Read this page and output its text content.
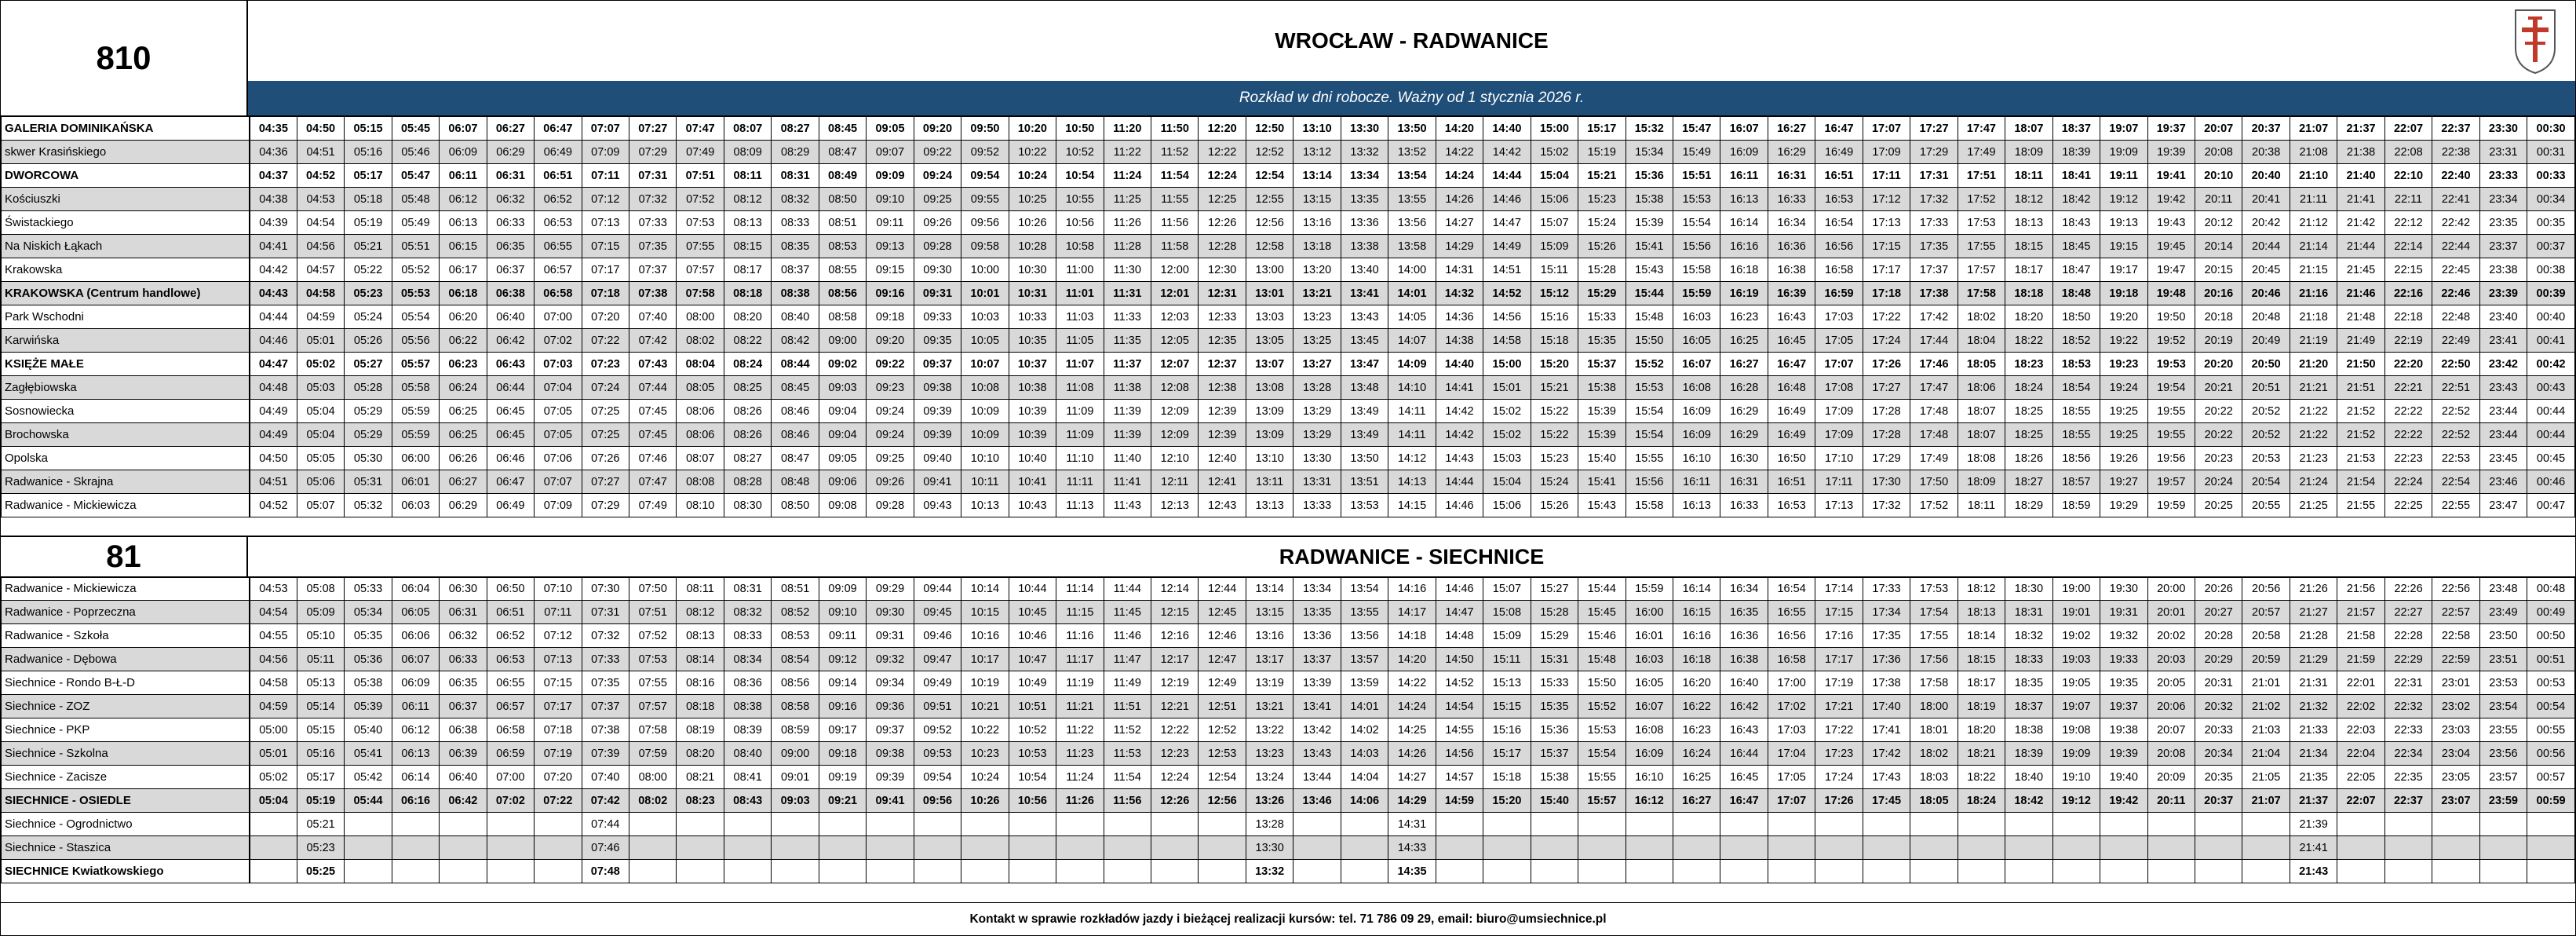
810	WROCŁAW - RADWANICE
Rozkład w dni robocze. Ważny od 1 stycznia 2026 r.
GALERIA DOMINIKAŃSKA	04:35	04:50	05:15	05:45	06:07	06:27	06:47	07:07	07:27	07:47	08:07	08:27	08:45	09:05	09:20	09:50	10:20	10:50	11:20	11:50	12:20	12:50	13:10	13:30	13:50	14:20	14:40	15:00	15:17	15:32	15:47	16:07	16:27	16:47	17:07	17:27	17:47	18:07	18:37	19:07	19:37	20:07	20:37	21:07	21:37	22:07	22:37	23:30	00:30
skwer Krasińskiego	04:36	04:51	05:16	05:46	06:09	06:29	06:49	07:09	07:29	07:49	08:09	08:29	08:47	09:07	09:22	09:52	10:22	10:52	11:22	11:52	12:22	12:52	13:12	13:32	13:52	14:22	14:42	15:02	15:19	15:34	15:49	16:09	16:29	16:49	17:09	17:29	17:49	18:09	18:39	19:09	19:39	20:08	20:38	21:08	21:38	22:08	22:38	23:31	00:31
DWORCOWA	04:37	04:52	05:17	05:47	06:11	06:31	06:51	07:11	07:31	07:51	08:11	08:31	08:49	09:09	09:24	09:54	10:24	10:54	11:24	11:54	12:24	12:54	13:14	13:34	13:54	14:24	14:44	15:04	15:21	15:36	15:51	16:11	16:31	16:51	17:11	17:31	17:51	18:11	18:41	19:11	19:41	20:10	20:40	21:10	21:40	22:10	22:40	23:33	00:33
Kościuszki	04:38	04:53	05:18	05:48	06:12	06:32	06:52	07:12	07:32	07:52	08:12	08:32	08:50	09:10	09:25	09:55	10:25	10:55	11:25	11:55	12:25	12:55	13:15	13:35	13:55	14:26	14:46	15:06	15:23	15:38	15:53	16:13	16:33	16:53	17:12	17:32	17:52	18:12	18:42	19:12	19:42	20:11	20:41	21:11	21:41	22:11	22:41	23:34	00:34
Świstackiego	04:39	04:54	05:19	05:49	06:13	06:33	06:53	07:13	07:33	07:53	08:13	08:33	08:51	09:11	09:26	09:56	10:26	10:56	11:26	11:56	12:26	12:56	13:16	13:36	13:56	14:27	14:47	15:07	15:24	15:39	15:54	16:14	16:34	16:54	17:13	17:33	17:53	18:13	18:43	19:13	19:43	20:12	20:42	21:12	21:42	22:12	22:42	23:35	00:35
Na Niskich Łąkach	04:41	04:56	05:21	05:51	06:15	06:35	06:55	07:15	07:35	07:55	08:15	08:35	08:53	09:13	09:28	09:58	10:28	10:58	11:28	11:58	12:28	12:58	13:18	13:38	13:58	14:29	14:49	15:09	15:26	15:41	15:56	16:16	16:36	16:56	17:15	17:35	17:55	18:15	18:45	19:15	19:45	20:14	20:44	21:14	21:44	22:14	22:44	23:37	00:37
Krakowska	04:42	04:57	05:22	05:52	06:17	06:37	06:57	07:17	07:37	07:57	08:17	08:37	08:55	09:15	09:30	10:00	10:30	11:00	11:30	12:00	12:30	13:00	13:20	13:40	14:00	14:31	14:51	15:11	15:28	15:43	15:58	16:18	16:38	16:58	17:17	17:37	17:57	18:17	18:47	19:17	19:47	20:15	20:45	21:15	21:45	22:15	22:45	23:38	00:38
KRAKOWSKA (Centrum handlowe)	04:43	04:58	05:23	05:53	06:18	06:38	06:58	07:18	07:38	07:58	08:18	08:38	08:56	09:16	09:31	10:01	10:31	11:01	11:31	12:01	12:31	13:01	13:21	13:41	14:01	14:32	14:52	15:12	15:29	15:44	15:59	16:19	16:39	16:59	17:18	17:38	17:58	18:18	18:48	19:18	19:48	20:16	20:46	21:16	21:46	22:16	22:46	23:39	00:39
Park Wschodni	04:44	04:59	05:24	05:54	06:20	06:40	07:00	07:20	07:40	08:00	08:20	08:40	08:58	09:18	09:33	10:03	10:33	11:03	11:33	12:03	12:33	13:03	13:23	13:43	14:05	14:36	14:56	15:16	15:33	15:48	16:03	16:23	16:43	17:03	17:22	17:42	18:02	18:20	18:50	19:20	19:50	20:18	20:48	21:18	21:48	22:18	22:48	23:40	00:40
Karwińska	04:46	05:01	05:26	05:56	06:22	06:42	07:02	07:22	07:42	08:02	08:22	08:42	09:00	09:20	09:35	10:05	10:35	11:05	11:35	12:05	12:35	13:05	13:25	13:45	14:07	14:38	14:58	15:18	15:35	15:50	16:05	16:25	16:45	17:05	17:24	17:44	18:04	18:22	18:52	19:22	19:52	20:19	20:49	21:19	21:49	22:19	22:49	23:41	00:41
KSIĘŻE MAŁE	04:47	05:02	05:27	05:57	06:23	06:43	07:03	07:23	07:43	08:04	08:24	08:44	09:02	09:22	09:37	10:07	10:37	11:07	11:37	12:07	12:37	13:07	13:27	13:47	14:09	14:40	15:00	15:20	15:37	15:52	16:07	16:27	16:47	17:07	17:26	17:46	18:05	18:23	18:53	19:23	19:53	20:20	20:50	21:20	21:50	22:20	22:50	23:42	00:42
Zagłębiowska	04:48	05:03	05:28	05:58	06:24	06:44	07:04	07:24	07:44	08:05	08:25	08:45	09:03	09:23	09:38	10:08	10:38	11:08	11:38	12:08	12:38	13:08	13:28	13:48	14:10	14:41	15:01	15:21	15:38	15:53	16:08	16:28	16:48	17:08	17:27	17:47	18:06	18:24	18:54	19:24	19:54	20:21	20:51	21:21	21:51	22:21	22:51	23:43	00:43
Sosnowiecka	04:49	05:04	05:29	05:59	06:25	06:45	07:05	07:25	07:45	08:06	08:26	08:46	09:04	09:24	09:39	10:09	10:39	11:09	11:39	12:09	12:39	13:09	13:29	13:49	14:11	14:42	15:02	15:22	15:39	15:54	16:09	16:29	16:49	17:09	17:28	17:48	18:07	18:25	18:55	19:25	19:55	20:22	20:52	21:22	21:52	22:22	22:52	23:44	00:44
Brochowska	04:49	05:04	05:29	05:59	06:25	06:45	07:05	07:25	07:45	08:06	08:26	08:46	09:04	09:24	09:39	10:09	10:39	11:09	11:39	12:09	12:39	13:09	13:29	13:49	14:11	14:42	15:02	15:22	15:39	15:54	16:09	16:29	16:49	17:09	17:28	17:48	18:07	18:25	18:55	19:25	19:55	20:22	20:52	21:22	21:52	22:22	22:52	23:44	00:44
Opolska	04:50	05:05	05:30	06:00	06:26	06:46	07:06	07:26	07:46	08:07	08:27	08:47	09:05	09:25	09:40	10:10	10:40	11:10	11:40	12:10	12:40	13:10	13:30	13:50	14:12	14:43	15:03	15:23	15:40	15:55	16:10	16:30	16:50	17:10	17:29	17:49	18:08	18:26	18:56	19:26	19:56	20:23	20:53	21:23	21:53	22:23	22:53	23:45	00:45
Radwanice - Skrajna	04:51	05:06	05:31	06:01	06:27	06:47	07:07	07:27	07:47	08:08	08:28	08:48	09:06	09:26	09:41	10:11	10:41	11:11	11:41	12:11	12:41	13:11	13:31	13:51	14:13	14:44	15:04	15:24	15:41	15:56	16:11	16:31	16:51	17:11	17:30	17:50	18:09	18:27	18:57	19:27	19:57	20:24	20:54	21:24	21:54	22:24	22:54	23:46	00:46
Radwanice - Mickiewicza	04:52	05:07	05:32	06:03	06:29	06:49	07:09	07:29	07:49	08:10	08:30	08:50	09:08	09:28	09:43	10:13	10:43	11:13	11:43	12:13	12:43	13:13	13:33	13:53	14:15	14:46	15:06	15:26	15:43	15:58	16:13	16:33	16:53	17:13	17:32	17:52	18:11	18:29	18:59	19:29	19:59	20:25	20:55	21:25	21:55	22:25	22:55	23:47	00:47
81	RADWANICE - SIECHNICE
Radwanice - Mickiewicza	04:53	05:08	05:33	06:04	06:30	06:50	07:10	07:30	07:50	08:11	08:31	08:51	09:09	09:29	09:44	10:14	10:44	11:14	11:44	12:14	12:44	13:14	13:34	13:54	14:16	14:46	15:07	15:27	15:44	15:59	16:14	16:34	16:54	17:14	17:33	17:53	18:12	18:30	19:00	19:30	20:00	20:26	20:56	21:26	21:56	22:26	22:56	23:48	00:48
Radwanice - Poprzeczna	04:54	05:09	05:34	06:05	06:31	06:51	07:11	07:31	07:51	08:12	08:32	08:52	09:10	09:30	09:45	10:15	10:45	11:15	11:45	12:15	12:45	13:15	13:35	13:55	14:17	14:47	15:08	15:28	15:45	16:00	16:15	16:35	16:55	17:15	17:34	17:54	18:13	18:31	19:01	19:31	20:01	20:27	20:57	21:27	21:57	22:27	22:57	23:49	00:49
Radwanice - Szkoła	04:55	05:10	05:35	06:06	06:32	06:52	07:12	07:32	07:52	08:13	08:33	08:53	09:11	09:31	09:46	10:16	10:46	11:16	11:46	12:16	12:46	13:16	13:36	13:56	14:18	14:48	15:09	15:29	15:46	16:01	16:16	16:36	16:56	17:16	17:35	17:55	18:14	18:32	19:02	19:32	20:02	20:28	20:58	21:28	21:58	22:28	22:58	23:50	00:50
Radwanice - Dębowa	04:56	05:11	05:36	06:07	06:33	06:53	07:13	07:33	07:53	08:14	08:34	08:54	09:12	09:32	09:47	10:17	10:47	11:17	11:47	12:17	12:47	13:17	13:37	13:57	14:20	14:50	15:11	15:31	15:48	16:03	16:18	16:38	16:58	17:17	17:36	17:56	18:15	18:33	19:03	19:33	20:03	20:29	20:59	21:29	21:59	22:29	22:59	23:51	00:51
Siechnice - Rondo B-Ł-D	04:58	05:13	05:38	06:09	06:35	06:55	07:15	07:35	07:55	08:16	08:36	08:56	09:14	09:34	09:49	10:19	10:49	11:19	11:49	12:19	12:49	13:19	13:39	13:59	14:22	14:52	15:13	15:33	15:50	16:05	16:20	16:40	17:00	17:19	17:38	17:58	18:17	18:35	19:05	19:35	20:05	20:31	21:01	21:31	22:01	22:31	23:01	23:53	00:53
Siechnice - ZOZ	04:59	05:14	05:39	06:11	06:37	06:57	07:17	07:37	07:57	08:18	08:38	08:58	09:16	09:36	09:51	10:21	10:51	11:21	11:51	12:21	12:51	13:21	13:41	14:01	14:24	14:54	15:15	15:35	15:52	16:07	16:22	16:42	17:02	17:21	17:40	18:00	18:19	18:37	19:07	19:37	20:06	20:32	21:02	21:32	22:02	22:32	23:02	23:54	00:54
Siechnice - PKP	05:00	05:15	05:40	06:12	06:38	06:58	07:18	07:38	07:58	08:19	08:39	08:59	09:17	09:37	09:52	10:22	10:52	11:22	11:52	12:22	12:52	13:22	13:42	14:02	14:25	14:55	15:16	15:36	15:53	16:08	16:23	16:43	17:03	17:22	17:41	18:01	18:20	18:38	19:08	19:38	20:07	20:33	21:03	21:33	22:03	22:33	23:03	23:55	00:55
Siechnice - Szkolna	05:01	05:16	05:41	06:13	06:39	06:59	07:19	07:39	07:59	08:20	08:40	09:00	09:18	09:38	09:53	10:23	10:53	11:23	11:53	12:23	12:53	13:23	13:43	14:03	14:26	14:56	15:17	15:37	15:54	16:09	16:24	16:44	17:04	17:23	17:42	18:02	18:21	18:39	19:09	19:39	20:08	20:34	21:04	21:34	22:04	22:34	23:04	23:56	00:56
Siechnice - Zacisze	05:02	05:17	05:42	06:14	06:40	07:00	07:20	07:40	08:00	08:21	08:41	09:01	09:19	09:39	09:54	10:24	10:54	11:24	11:54	12:24	12:54	13:24	13:44	14:04	14:27	14:57	15:18	15:38	15:55	16:10	16:25	16:45	17:05	17:24	17:43	18:03	18:22	18:40	19:10	19:40	20:09	20:35	21:05	21:35	22:05	22:35	23:05	23:57	00:57
SIECHNICE - OSIEDLE	05:04	05:19	05:44	06:16	06:42	07:02	07:22	07:42	08:02	08:23	08:43	09:03	09:21	09:41	09:56	10:26	10:56	11:26	11:56	12:26	12:56	13:26	13:46	14:06	14:29	14:59	15:20	15:40	15:57	16:12	16:27	16:47	17:07	17:26	17:45	18:05	18:24	18:42	19:12	19:42	20:11	20:37	21:07	21:37	22:07	22:37	23:07	23:59	00:59
Siechnice - Ogrodnictwo		05:21						07:44														13:28			14:31																			21:39					
Siechnice - Staszica		05:23						07:46														13:30			14:33																			21:41					
SIECHNICE Kwiatkowskiego		05:25						07:48														13:32			14:35																			21:43					
Kontakt w sprawie rozkładów jazdy i bieżącej realizacji kursów: tel. 71 786 09 29, email: biuro@umsiechnice.pl
